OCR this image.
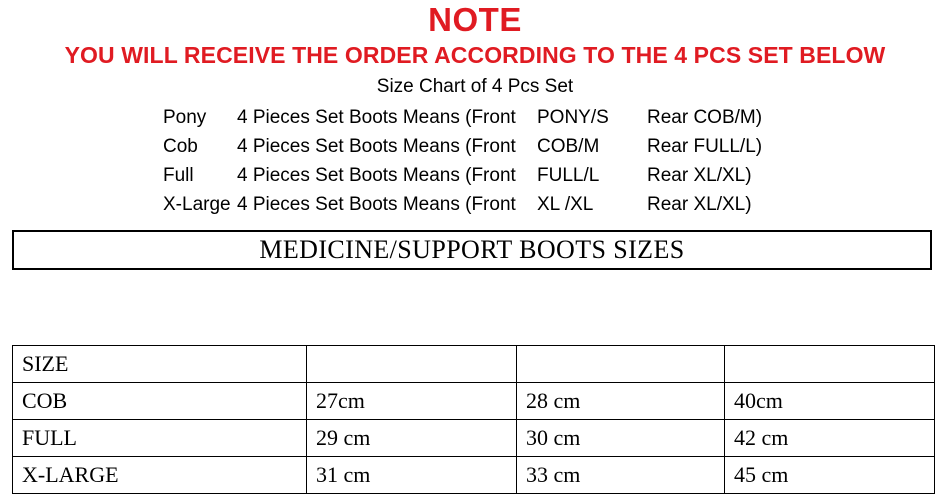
NOTE
YOU WILL RECEIVE THE ORDER ACCORDING TO THE 4 PCS SET BELOW
Size Chart of 4 Pcs Set
Pony	4 Pieces Set Boots Means (Front	PONY/S	Rear COB/M)
Cob	4 Pieces Set Boots Means (Front	COB/M	Rear FULL/L)
Full	4 Pieces Set Boots Means (Front	FULL/L	Rear XL/XL)
X-Large	4 Pieces Set Boots Means (Front	XL /XL	Rear XL/XL)
MEDICINE/SUPPORT BOOTS SIZES
SIZE			
COB	27cm	28 cm	40cm
FULL	29 cm	30 cm	42 cm
X-LARGE	31 cm	33 cm	45 cm
